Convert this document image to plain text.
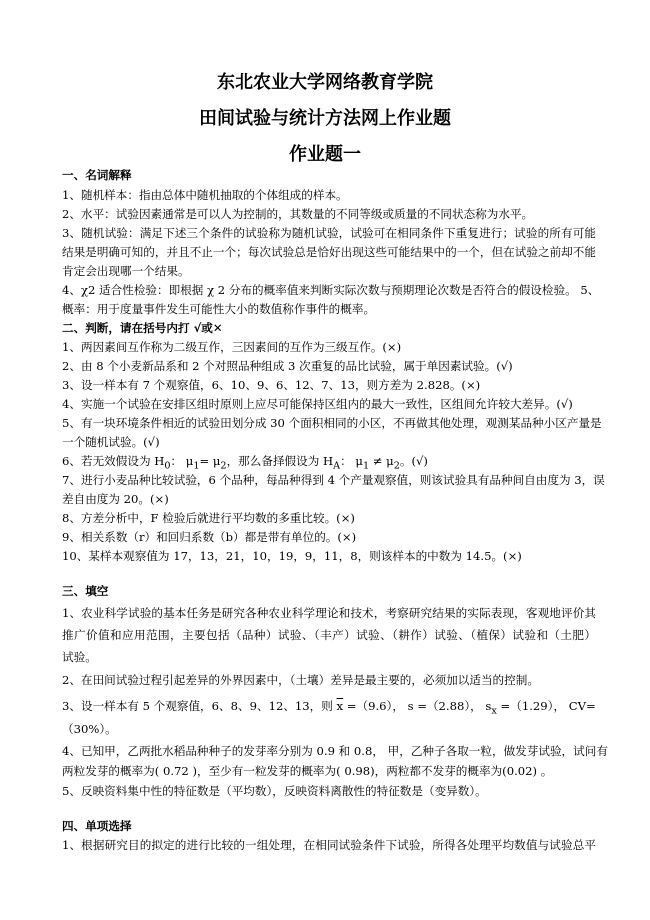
东北农业大学网络教育学院
田间试验与统计方法网上作业题
作业题一
一、名词解释
1、随机样本：指由总体中随机抽取的个体组成的样本。
2、水平：试验因素通常是可以人为控制的，其数量的不同等级或质量的不同状态称为水平。
3、随机试验：满足下述三个条件的试验称为随机试验，试验可在相同条件下重复进行；试验的所有可能
结果是明确可知的，并且不止一个；每次试验总是恰好出现这些可能结果中的一个，但在试验之前却不能
肯定会出现哪一个结果。
4、χ2 适合性检验：即根据 χ 2 分布的概率值来判断实际次数与预期理论次数是否符合的假设检验。 5、
概率：用于度量事件发生可能性大小的数值称作事件的概率。
二、判断，请在括号内打 √或✕
1、两因素间互作称为二级互作，三因素间的互作为三级互作。(×)
2、由 8 个小麦新品系和 2 个对照品种组成 3 次重复的品比试验，属于单因素试验。(√)
3、设一样本有 7 个观察值，6、10、9、6、12、7、13，则方差为 2.828。(×)
4、实施一个试验在安排区组时原则上应尽可能保持区组内的最大一致性，区组间允许较大差异。(√)
5、有一块环境条件相近的试验田划分成 30 个面积相同的小区，不再做其他处理，观测某品种小区产量是
一个随机试验。(√)
6、若无效假设为 $H_0$： $\mu_1= \mu_2$，那么备择假设为 $H_A$： $\mu_1 \ne \mu_2$。(√)
7、进行小麦品种比较试验，6 个品种，每品种得到 4 个产量观察值，则该试验具有品种间自由度为 3，误
差自由度为 20。(×)
8、方差分析中，F 检验后就进行平均数的多重比较。(×)
9、相关系数（r）和回归系数（b）都是带有单位的。(×)
10、某样本观察值为 17，13，21，10，19，9，11，8，则该样本的中数为 14.5。(×)
三、填空
1、农业科学试验的基本任务是研究各种农业科学理论和技术，考察研究结果的实际表现，客观地评价其
推广价值和应用范围，主要包括（品种）试验、（丰产）试验、（耕作）试验、（植保）试验和（土肥）
试验。
2、在田间试验过程引起差异的外界因素中，（土壤）差异是最主要的，必须加以适当的控制。
3、设一样本有 5 个观察值，6、8、9、12、13，则 $\overline{x} =(9.6)$， s =（2.88）， $s_x =(1.29)$， CV=
（30%）。
4、已知甲，乙两批水稻品种种子的发芽率分别为 0.9 和 0.8， 甲，乙种子各取一粒，做发芽试验，试问有
两粒发芽的概率为( 0.72 )，至少有一粒发芽的概率为( 0.98)，两粒都不发芽的概率为(0.02) 。
5、反映资料集中性的特征数是（平均数），反映资料离散性的特征数是（变异数）。
四、单项选择
1、根据研究目的拟定的进行比较的一组处理，在相同试验条件下试验，所得各处理平均数值与试验总平
